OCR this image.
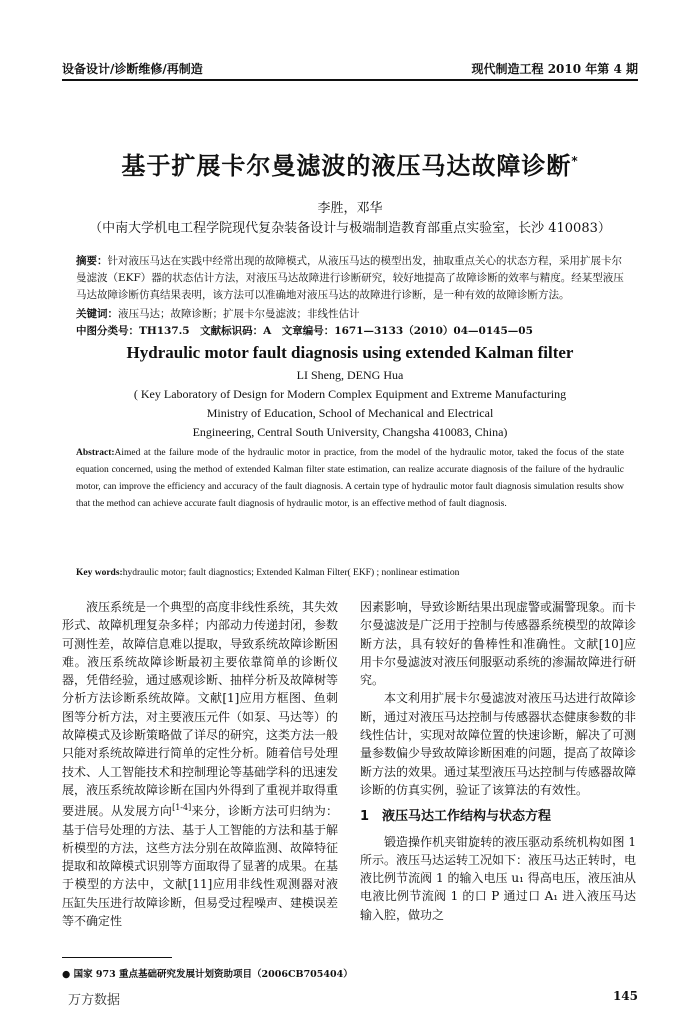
设备设计/诊断维修/再制造	现代制造工程 2010 年第 4 期
基于扩展卡尔曼滤波的液压马达故障诊断*
李胜，邓华
（中南大学机电工程学院现代复杂装备设计与极端制造教育部重点实验室，长沙 410083）
摘要：针对液压马达在实践中经常出现的故障模式，从液压马达的模型出发，抽取重点关心的状态方程，采用扩展卡尔曼滤波（EKF）器的状态估计方法，对液压马达故障进行诊断研究，较好地提高了故障诊断的效率与精度。经某型液压马达故障诊断仿真结果表明，该方法可以准确地对液压马达的故障进行诊断，是一种有效的故障诊断方法。
关键词：液压马达；故障诊断；扩展卡尔曼滤波；非线性估计
中图分类号：TH137.5　文献标识码：A　文章编号：1671—3133（2010）04—0145—05
Hydraulic motor fault diagnosis using extended Kalman filter
LI Sheng, DENG Hua
( Key Laboratory of Design for Modern Complex Equipment and Extreme Manufacturing
Ministry of Education, School of Mechanical and Electrical
Engineering, Central South University, Changsha 410083, China)
Abstract:Aimed at the failure mode of the hydraulic motor in practice, from the model of the hydraulic motor, taked the focus of the state equation concerned, using the method of extended Kalman filter state estimation, can realize accurate diagnosis of the failure of the hydraulic motor, can improve the efficiency and accuracy of the fault diagnosis. A certain type of hydraulic motor fault diagnosis simulation results show that the method can achieve accurate fault diagnosis of hydraulic motor, is an effective method of fault diagnosis.
Key words:hydraulic motor; fault diagnostics; Extended Kalman Filter( EKF) ; nonlinear estimation

液压系统是一个典型的高度非线性系统，其失效形式、故障机理复杂多样；内部动力传递封闭，参数可测性差，故障信息难以提取，导致系统故障诊断困难。液压系统故障诊断最初主要依靠简单的诊断仪器，凭借经验，通过感观诊断、抽样分析及故障树等分析方法诊断系统故障。文献[1]应用方框图、鱼刺图等分析方法，对主要液压元件（如泵、马达等）的故障模式及诊断策略做了详尽的研究，这类方法一般只能对系统故障进行简单的定性分析。随着信号处理技术、人工智能技术和控制理论等基础学科的迅速发展，液压系统故障诊断在国内外得到了重视并取得重要进展。从发展方向[1-4]来分，诊断方法可归纳为：基于信号处理的方法、基于人工智能的方法和基于解析模型的方法，这些方法分别在故障监测、故障特征提取和故障模式识别等方面取得了显著的成果。在基于模型的方法中，文献[11]应用非线性观测器对液压缸失压进行故障诊断，但易受过程噪声、建模误差等不确定性

因素影响，导致诊断结果出现虚警或漏警现象。而卡尔曼滤波是广泛用于控制与传感器系统模型的故障诊断方法，具有较好的鲁棒性和准确性。文献[10]应用卡尔曼滤波对液压伺服驱动系统的渗漏故障进行研究。

本文利用扩展卡尔曼滤波对液压马达进行故障诊断，通过对液压马达控制与传感器状态健康参数的非线性估计，实现对故障位置的快速诊断，解决了可测量参数偏少导致故障诊断困难的问题，提高了故障诊断方法的效果。通过某型液压马达控制与传感器故障诊断的仿真实例，验证了该算法的有效性。

1　液压马达工作结构与状态方程

锻造操作机夹钳旋转的液压驱动系统机构如图 1 所示。液压马达运转工况如下：液压马达正转时，电液比例节流阀 1 的输入电压 u₁ 得高电压，液压油从电液比例节流阀 1 的口 P 通过口 A₁ 进入液压马达输入腔，做功之

● 国家 973 重点基础研究发展计划资助项目（2006CB705404）
万方数据	145
